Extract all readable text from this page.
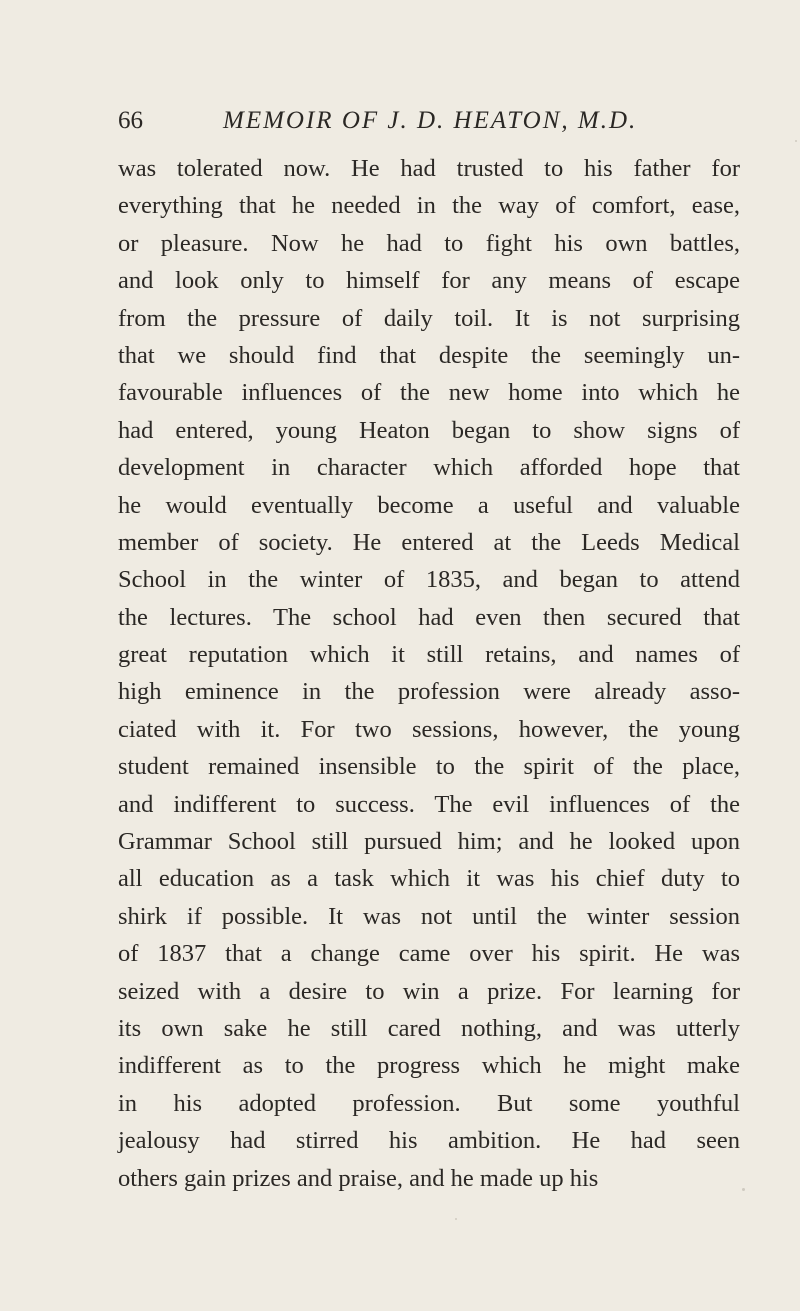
66	MEMOIR OF J. D. HEATON, M.D.
was tolerated now. He had trusted to his father for
everything that he needed in the way of comfort, ease,
or pleasure. Now he had to fight his own battles,
and look only to himself for any means of escape
from the pressure of daily toil. It is not surprising
that we should find that despite the seemingly un-
favourable influences of the new home into which he
had entered, young Heaton began to show signs of
development in character which afforded hope that
he would eventually become a useful and valuable
member of society. He entered at the Leeds Medical
School in the winter of 1835, and began to attend
the lectures. The school had even then secured that
great reputation which it still retains, and names of
high eminence in the profession were already asso-
ciated with it. For two sessions, however, the young
student remained insensible to the spirit of the place,
and indifferent to success. The evil influences of the
Grammar School still pursued him; and he looked upon
all education as a task which it was his chief duty to
shirk if possible. It was not until the winter session
of 1837 that a change came over his spirit. He was
seized with a desire to win a prize. For learning for
its own sake he still cared nothing, and was utterly
indifferent as to the progress which he might make
in his adopted profession. But some youthful
jealousy had stirred his ambition. He had seen
others gain prizes and praise, and he made up his
